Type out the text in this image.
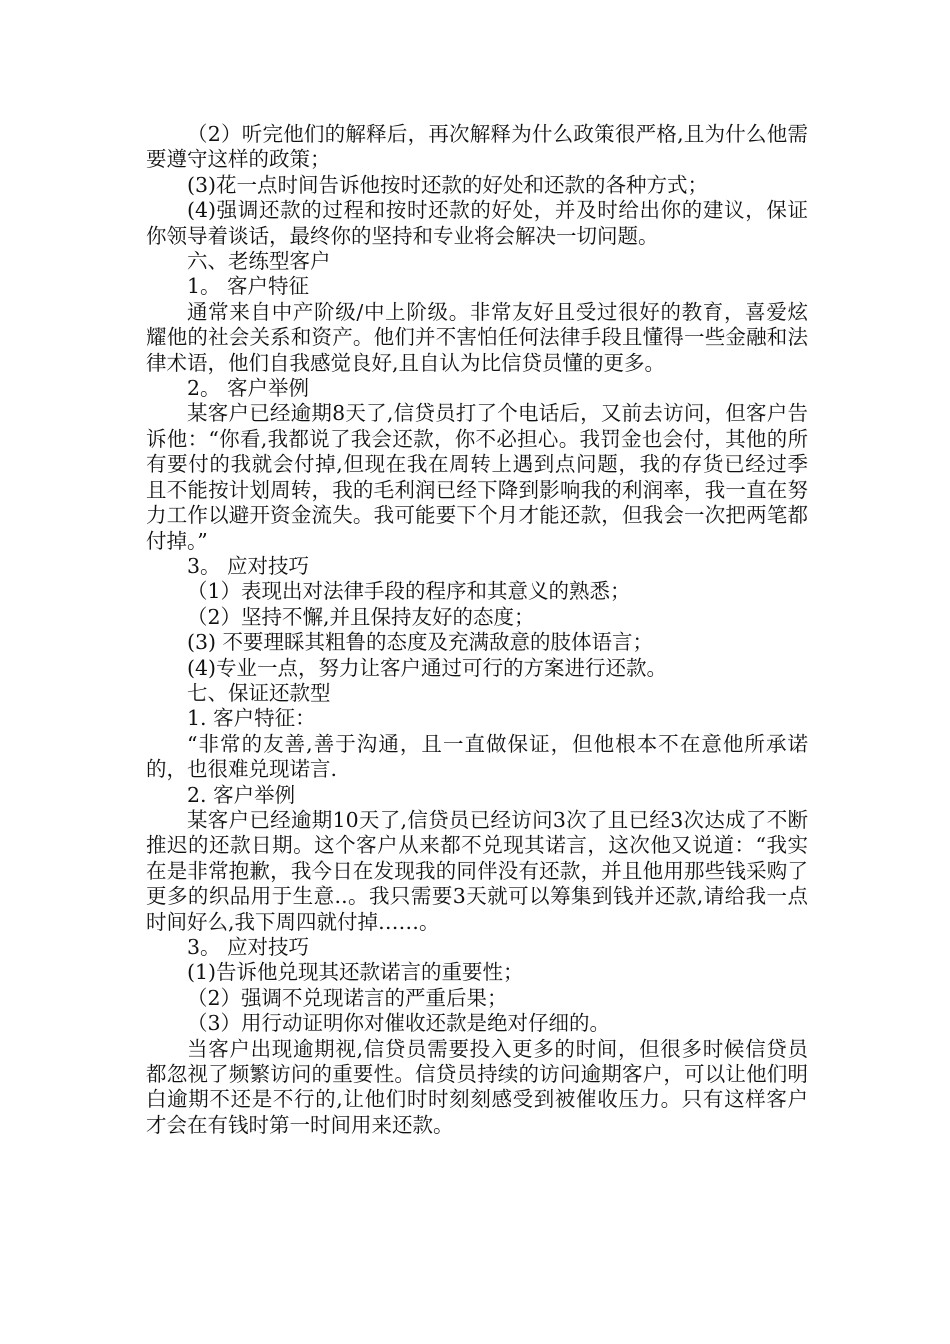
（2）听完他们的解释后，再次解释为什么政策很严格,且为什么他需要遵守这样的政策；

(3)花一点时间告诉他按时还款的好处和还款的各种方式；

(4)强调还款的过程和按时还款的好处，并及时给出你的建议，保证你领导着谈话，最终你的坚持和专业将会解决一切问题。

六、老练型客户

1。 客户特征

通常来自中产阶级/中上阶级。非常友好且受过很好的教育，喜爱炫耀他的社会关系和资产。他们并不害怕任何法律手段且懂得一些金融和法律术语，他们自我感觉良好,且自认为比信贷员懂的更多。

2。 客户举例

某客户已经逾期8天了,信贷员打了个电话后，又前去访问，但客户告诉他：“你看,我都说了我会还款，你不必担心。我罚金也会付，其他的所有要付的我就会付掉,但现在我在周转上遇到点问题，我的存货已经过季且不能按计划周转，我的毛利润已经下降到影响我的利润率，我一直在努力工作以避开资金流失。我可能要下个月才能还款，但我会一次把两笔都付掉。”

3。 应对技巧

（1）表现出对法律手段的程序和其意义的熟悉；

（2）坚持不懈,并且保持友好的态度；

(3) 不要理睬其粗鲁的态度及充满敌意的肢体语言；

(4)专业一点，努力让客户通过可行的方案进行还款。

七、保证还款型

1. 客户特征：

“非常的友善,善于沟通，且一直做保证，但他根本不在意他所承诺的，也很难兑现诺言.

2. 客户举例

某客户已经逾期10天了,信贷员已经访问3次了且已经3次达成了不断推迟的还款日期。这个客户从来都不兑现其诺言，这次他又说道：“我实在是非常抱歉，我今日在发现我的同伴没有还款，并且他用那些钱采购了更多的织品用于生意..。我只需要3天就可以筹集到钱并还款,请给我一点时间好么,我下周四就付掉……。

3。 应对技巧

(1)告诉他兑现其还款诺言的重要性；

（2）强调不兑现诺言的严重后果；

（3）用行动证明你对催收还款是绝对仔细的。

当客户出现逾期视,信贷员需要投入更多的时间，但很多时候信贷员都忽视了频繁访问的重要性。信贷员持续的访问逾期客户，可以让他们明白逾期不还是不行的,让他们时时刻刻感受到被催收压力。只有这样客户才会在有钱时第一时间用来还款。
